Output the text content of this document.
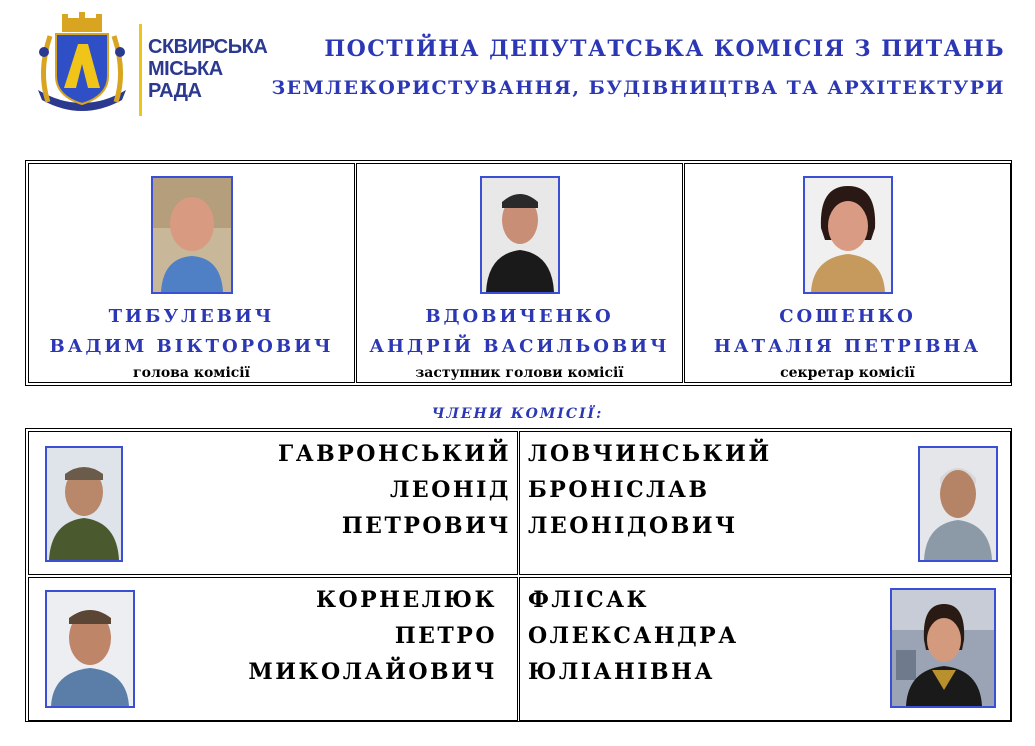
СКВИРСЬКА
МІСЬКА
РАДА
ПОСТІЙНА ДЕПУТАТСЬКА КОМІСІЯ З ПИТАНЬ
ЗЕМЛЕКОРИСТУВАННЯ, БУДІВНИЦТВА ТА АРХІТЕКТУРИ
ТИБУЛЕВИЧ
ВАДИМ ВІКТОРОВИЧ
голова комісії
ВДОВИЧЕНКО
АНДРІЙ ВАСИЛЬОВИЧ
заступник голови комісії
СОШЕНКО
НАТАЛІЯ ПЕТРІВНА
секретар комісії
ЧЛЕНИ КОМІСІЇ:
ГАВРОНСЬКИЙ
ЛЕОНІД
ПЕТРОВИЧ
ЛОВЧИНСЬКИЙ
БРОНІСЛАВ
ЛЕОНІДОВИЧ
КОРНЕЛЮК
ПЕТРО
МИКОЛАЙОВИЧ
ФЛІСАК
ОЛЕКСАНДРА
ЮЛІАНІВНА
